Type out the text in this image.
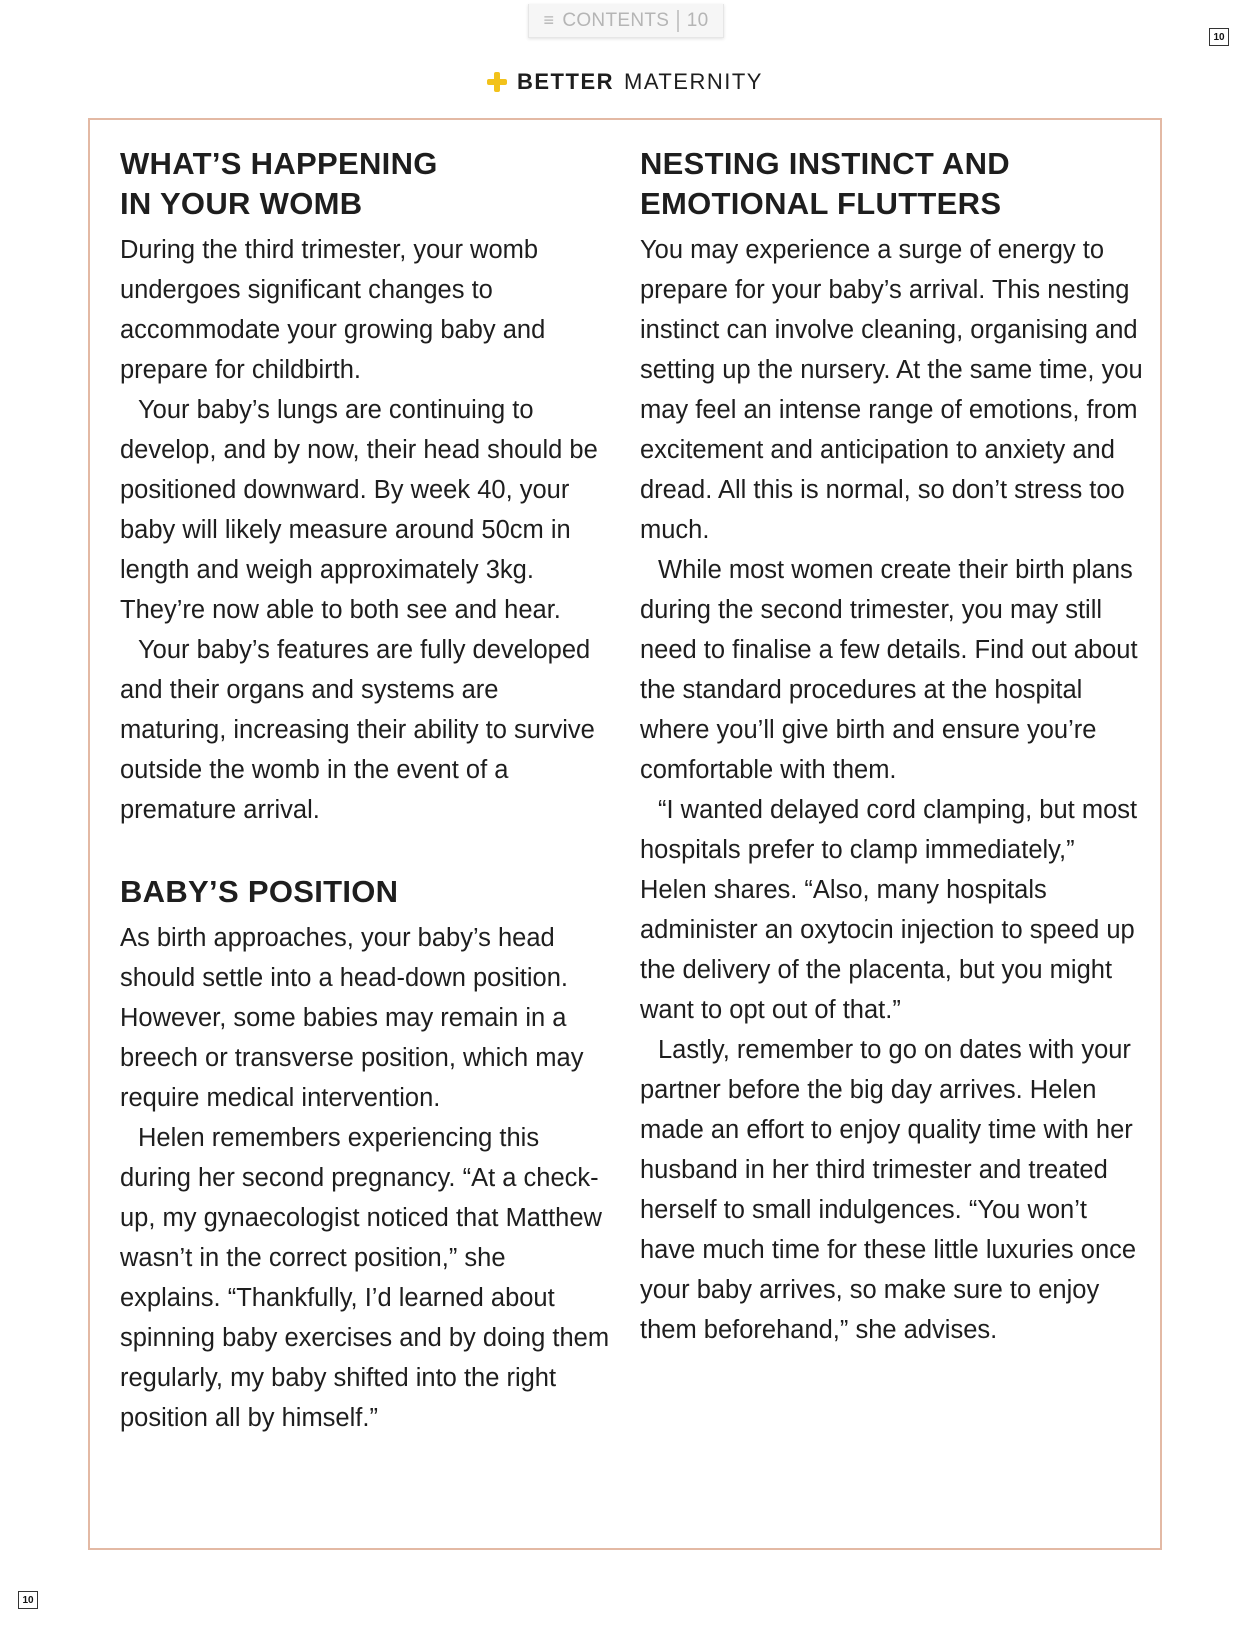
≡ CONTENTS 10
10
BETTER MATERNITY
WHAT’S HAPPENING
IN YOUR WOMB

During the third trimester, your womb undergoes significant changes to accommodate your growing baby and prepare for childbirth.

Your baby’s lungs are continuing to develop, and by now, their head should be positioned downward. By week 40, your baby will likely measure around 50cm in length and weigh approximately 3kg. They’re now able to both see and hear.

Your baby’s features are fully developed and their organs and systems are maturing, increasing their ability to survive outside the womb in the event of a premature arrival.

BABY’S POSITION

As birth approaches, your baby’s head should settle into a head-down position. However, some babies may remain in a breech or transverse position, which may require medical intervention.

Helen remembers experiencing this during her second pregnancy. “At a check-up, my gynaecologist noticed that Matthew wasn’t in the correct position,” she explains. “Thankfully, I’d learned about spinning baby exercises and by doing them regularly, my baby shifted into the right position all by himself.”

NESTING INSTINCT AND
EMOTIONAL FLUTTERS

You may experience a surge of energy to prepare for your baby’s arrival. This nesting instinct can involve cleaning, organising and setting up the nursery. At the same time, you may feel an intense range of emotions, from excitement and anticipation to anxiety and dread. All this is normal, so don’t stress too much.

While most women create their birth plans during the second trimester, you may still need to finalise a few details. Find out about the standard procedures at the hospital where you’ll give birth and ensure you’re comfortable with them.

“I wanted delayed cord clamping, but most hospitals prefer to clamp immediately,” Helen shares. “Also, many hospitals administer an oxytocin injection to speed up the delivery of the placenta, but you might want to opt out of that.”

Lastly, remember to go on dates with your partner before the big day arrives. Helen made an effort to enjoy quality time with her husband in her third trimester and treated herself to small indulgences. “You won’t have much time for these little luxuries once your baby arrives, so make sure to enjoy them beforehand,” she advises.

10
